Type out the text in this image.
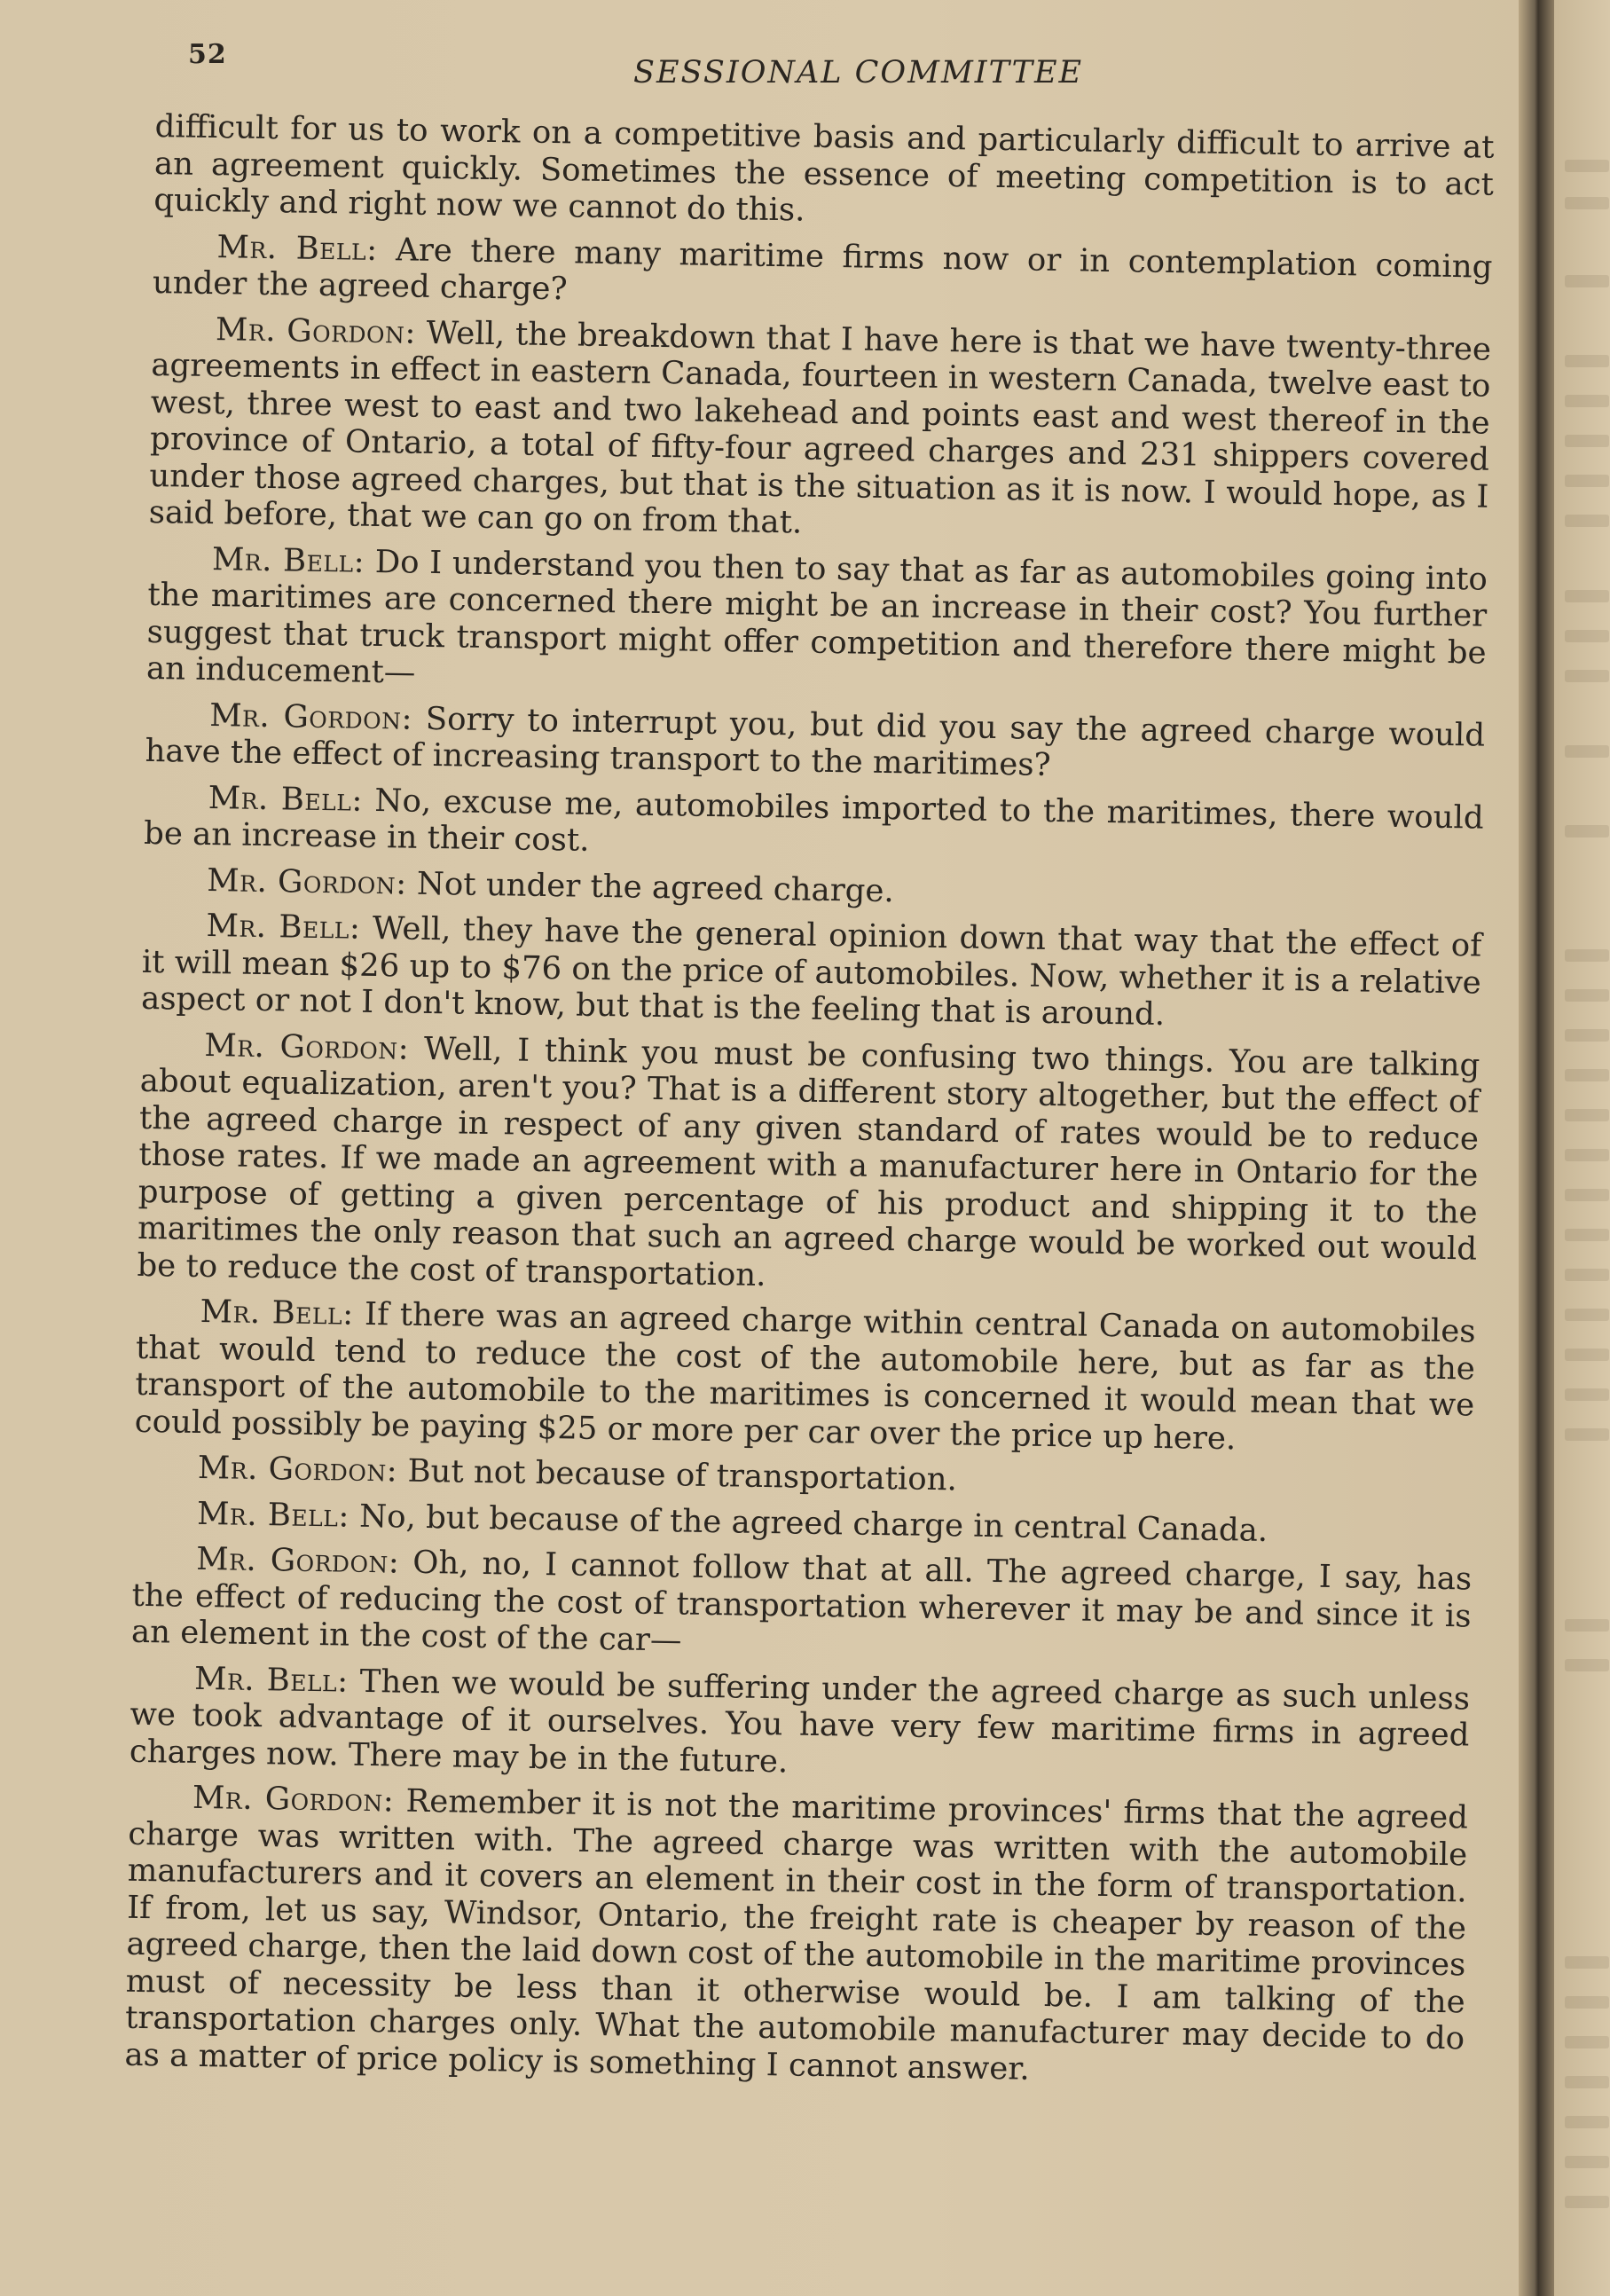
52
SESSIONAL COMMITTEE

difficult for us to work on a competitive basis and particularly difficult to arrive at an agreement quickly. Sometimes the essence of meeting competition is to act quickly and right now we cannot do this.

Mr. Bell: Are there many maritime firms now or in contemplation coming under the agreed charge?

Mr. Gordon: Well, the breakdown that I have here is that we have twenty-three agreements in effect in eastern Canada, fourteen in western Canada, twelve east to west, three west to east and two lakehead and points east and west thereof in the province of Ontario, a total of fifty-four agreed charges and 231 shippers covered under those agreed charges, but that is the situation as it is now. I would hope, as I said before, that we can go on from that.

Mr. Bell: Do I understand you then to say that as far as automobiles going into the maritimes are concerned there might be an increase in their cost? You further suggest that truck transport might offer competition and therefore there might be an inducement—

Mr. Gordon: Sorry to interrupt you, but did you say the agreed charge would have the effect of increasing transport to the maritimes?

Mr. Bell: No, excuse me, automobiles imported to the maritimes, there would be an increase in their cost.

Mr. Gordon: Not under the agreed charge.

Mr. Bell: Well, they have the general opinion down that way that the effect of it will mean $26 up to $76 on the price of automobiles. Now, whether it is a relative aspect or not I don't know, but that is the feeling that is around.

Mr. Gordon: Well, I think you must be confusing two things. You are talking about equalization, aren't you? That is a different story altogether, but the effect of the agreed charge in respect of any given standard of rates would be to reduce those rates. If we made an agreement with a manufacturer here in Ontario for the purpose of getting a given percentage of his product and shipping it to the maritimes the only reason that such an agreed charge would be worked out would be to reduce the cost of transportation.

Mr. Bell: If there was an agreed charge within central Canada on automobiles that would tend to reduce the cost of the automobile here, but as far as the transport of the automobile to the maritimes is concerned it would mean that we could possibly be paying $25 or more per car over the price up here.

Mr. Gordon: But not because of transportation.

Mr. Bell: No, but because of the agreed charge in central Canada.

Mr. Gordon: Oh, no, I cannot follow that at all. The agreed charge, I say, has the effect of reducing the cost of transportation wherever it may be and since it is an element in the cost of the car—

Mr. Bell: Then we would be suffering under the agreed charge as such unless we took advantage of it ourselves. You have very few maritime firms in agreed charges now. There may be in the future.

Mr. Gordon: Remember it is not the maritime provinces' firms that the agreed charge was written with. The agreed charge was written with the automobile manufacturers and it covers an element in their cost in the form of transportation. If from, let us say, Windsor, Ontario, the freight rate is cheaper by reason of the agreed charge, then the laid down cost of the automobile in the maritime provinces must of necessity be less than it otherwise would be. I am talking of the transportation charges only. What the automobile manufacturer may decide to do as a matter of price policy is something I cannot answer.
